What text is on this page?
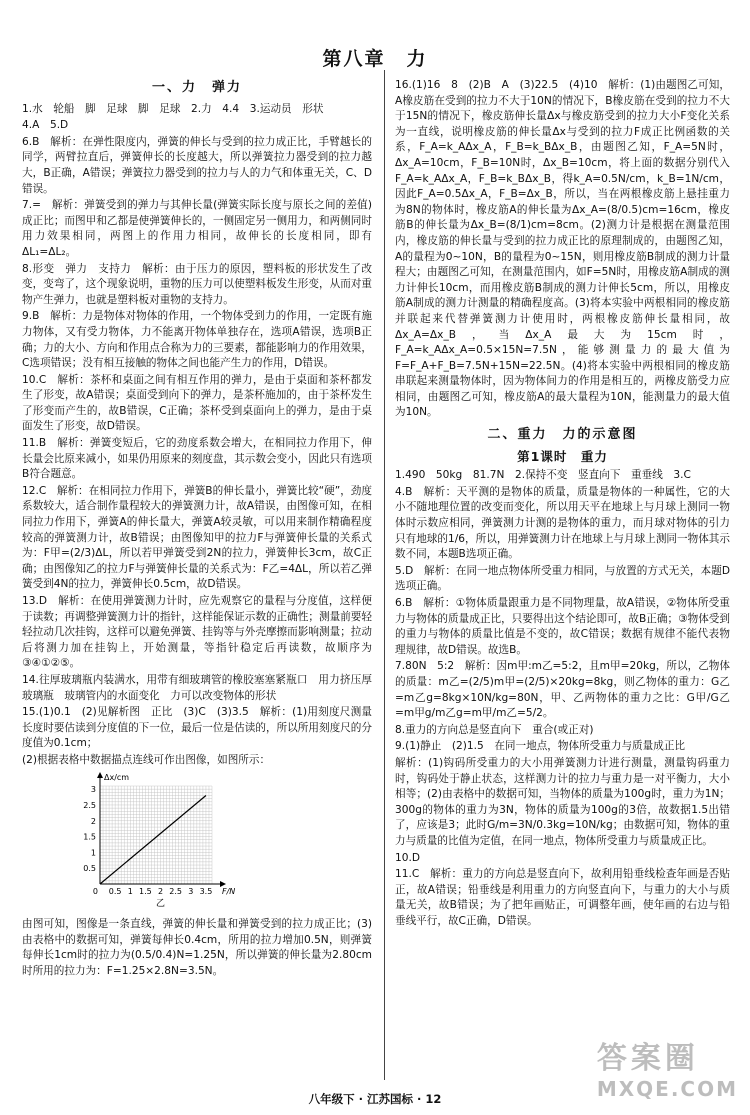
第八章　力
一、力　弹力
1.水　轮船　脚　足球　脚　足球　2.力　4.4　3.运动员　形状
4.A　5.D
6.B　解析：在弹性限度内，弹簧的伸长与受到的拉力成正比，手臂越长的同学，两臂拉直后，弹簧伸长的长度越大，所以弹簧拉力器受到的拉力越大，B正确，A错误；弹簧拉力器受到的拉力与人的力气和体重无关，C、D错误。
7.=　解析：弹簧受到的弹力与其伸长量(弹簧实际长度与原长之间的差值)成正比；而图甲和乙都是使弹簧伸长的，一侧固定另一侧用力，和两侧同时用力效果相同，两图上的作用力相同，故伸长的长度相同，即有ΔL₁=ΔL₂。
8.形变　弹力　支持力　解析：由于压力的原因，塑料板的形状发生了改变，变弯了，这个现象说明，重物的压力可以使塑料板发生形变，从而对重物产生弹力，也就是塑料板对重物的支持力。
9.B　解析：力是物体对物体的作用，一个物体受到力的作用，一定既有施力物体，又有受力物体，力不能离开物体单独存在，选项A错误，选项B正确；力的大小、方向和作用点合称为力的三要素，都能影响力的作用效果，C选项错误；没有相互接触的物体之间也能产生力的作用，D错误。
10.C　解析：茶杯和桌面之间有相互作用的弹力，是由于桌面和茶杯都发生了形变，故A错误；桌面受到向下的弹力，是茶杯施加的，由于茶杯发生了形变而产生的，故B错误，C正确；茶杯受到桌面向上的弹力，是由于桌面发生了形变，故D错误。
11.B　解析：弹簧变短后，它的劲度系数会增大，在相同拉力作用下，伸长量会比原来减小，如果仍用原来的刻度盘，其示数会变小，因此只有选项B符合题意。
12.C　解析：在相同拉力作用下，弹簧B的伸长量小，弹簧比较“硬”，劲度系数较大，适合制作量程较大的弹簧测力计，故A错误，由图像可知，在相同拉力作用下，弹簧A的伸长量大，弹簧A较灵敏，可以用来制作精确程度较高的弹簧测力计，故B错误；由图像知甲的拉力F与弹簧伸长量的关系式为：F甲=(2/3)ΔL，所以若甲弹簧受到2N的拉力，弹簧伸长3cm，故C正确；由图像知乙的拉力F与弹簧伸长量的关系式为：F乙=4ΔL，所以若乙弹簧受到4N的拉力，弹簧伸长0.5cm，故D错误。
13.D　解析：在使用弹簧测力计时，应先观察它的量程与分度值，这样便于读数；再调整弹簧测力计的指针，这样能保证示数的正确性；测量前要轻轻拉动几次挂钩，这样可以避免弹簧、挂钩等与外壳摩擦而影响测量；拉动后将测力加在挂钩上，开始测量，等指针稳定后再读数，故顺序为③④①②⑤。
14.往厚玻璃瓶内装满水，用带有细玻璃管的橡胶塞塞紧瓶口　用力挤压厚玻璃瓶　玻璃管内的水面变化　力可以改变物体的形状
15.(1)0.1　(2)见解析图　正比　(3)C　(3)3.5　解析：(1)用刻度尺测量长度时要估读到分度值的下一位，最后一位是估读的，所以所用刻度尺的分度值为0.1cm；
(2)根据表格中数据描点连线可作出图像，如图所示：
0.5 1 1.5 2 2.5 3 3.5
0.5
1
1.5
2
2.5
3
0	F/N
Δx/cm
乙
由图可知，图像是一条直线，弹簧的伸长量和弹簧受到的拉力成正比；(3)由表格中的数据可知，弹簧每伸长0.4cm，所用的拉力增加0.5N，则弹簧每伸长1cm时的拉力为(0.5/0.4)N=1.25N，所以弹簧的伸长量为2.80cm时所用的拉力为：F=1.25×2.8N=3.5N。
16.(1)16　8　(2)B　A　(3)22.5　(4)10　解析：(1)由题图乙可知，A橡皮筋在受到的拉力不大于10N的情况下，B橡皮筋在受到的拉力不大于15N的情况下，橡皮筋伸长量Δx与橡皮筋受到的拉力大小F变化关系为一直线，说明橡皮筋的伸长量Δx与受到的拉力F成正比例函数的关系，F_A=k_AΔx_A，F_B=k_BΔx_B，由题图乙知，F_A=5N时，Δx_A=10cm，F_B=10N时，Δx_B=10cm，将上面的数据分别代入F_A=k_AΔx_A，F_B=k_BΔx_B，得k_A=0.5N/cm，k_B=1N/cm，因此F_A=0.5Δx_A，F_B=Δx_B，所以，当在两根橡皮筋上悬挂重力为8N的物体时，橡皮筋A的伸长量为Δx_A=(8/0.5)cm=16cm，橡皮筋B的伸长量为Δx_B=(8/1)cm=8cm。(2)测力计是根据在测量范围内，橡皮筋的伸长量与受到的拉力成正比的原理制成的，由题图乙知，A的量程为0~10N，B的量程为0~15N，则用橡皮筋B制成的测力计量程大；由题图乙可知，在测量范围内，如F=5N时，用橡皮筋A制成的测力计伸长10cm，而用橡皮筋B制成的测力计伸长5cm，所以，用橡皮筋A制成的测力计测量的精确程度高。(3)将本实验中两根相同的橡皮筋并联起来代替弹簧测力计使用时，两根橡皮筋伸长量相同，故Δx_A=Δx_B，当Δx_A最大为15cm时，F_A=k_AΔx_A=0.5×15N=7.5N，能够测量力的最大值为F=F_A+F_B=7.5N+15N=22.5N。(4)将本实验中两根相同的橡皮筋串联起来测量物体时，因为物体间力的作用是相互的，两橡皮筋受力应相同，由题图乙可知，橡皮筋A的最大量程为10N，能测量力的最大值为10N。
二、重力　力的示意图
第1课时　重力
1.490　50kg　81.7N　2.保持不变　竖直向下　重垂线　3.C
4.B　解析：天平测的是物体的质量，质量是物体的一种属性，它的大小不随地理位置的改变而变化，所以用天平在地球上与月球上测同一物体时示数应相同，弹簧测力计测的是物体的重力，而月球对物体的引力只有地球的1/6，所以，用弹簧测力计在地球上与月球上测同一物体其示数不同，本题B选项正确。
5.D　解析：在同一地点物体所受重力相同，与放置的方式无关，本题D选项正确。
6.B　解析：①物体质量跟重力是不同物理量，故A错误，②物体所受重力与物体的质量成正比，只要得出这个结论即可，故B正确；③物体受到的重力与物体的质量比值是不变的，故C错误；数据有规律不能代表物理规律，故D错误。故选B。
7.80N　5:2　解析：因m甲:m乙=5:2，且m甲=20kg，所以，乙物体的质量：m乙=(2/5)m甲=(2/5)×20kg=8kg，则乙物体的重力：G乙=m乙g=8kg×10N/kg=80N，甲、乙两物体的重力之比：G甲/G乙=m甲g/m乙g=m甲/m乙=5/2。
8.重力的方向总是竖直向下　重合(或正对)
9.(1)静止　(2)1.5　在同一地点，物体所受重力与质量成正比
解析：(1)钩码所受重力的大小用弹簧测力计进行测量，测量钩码重力时，钩码处于静止状态，这样测力计的拉力与重力是一对平衡力，大小相等；(2)由表格中的数据可知，当物体的质量为100g时，重力为1N；300g的物体的重力为3N，物体的质量为100g的3倍，故数据1.5出错了，应该是3；此时G/m=3N/0.3kg=10N/kg；由数据可知，物体的重力与质量的比值为定值，在同一地点，物体所受重力与质量成正比。
10.D
11.C　解析：重力的方向总是竖直向下，故利用铅垂线检查年画是否贴正，故A错误；铅垂线是利用重力的方向竖直向下，与重力的大小与质量无关，故B错误；为了把年画贴正，可调整年画，使年画的右边与铅垂线平行，故C正确，D错误。
八年级下 · 江苏国标 · 12
答案圈
MXQE.COM
